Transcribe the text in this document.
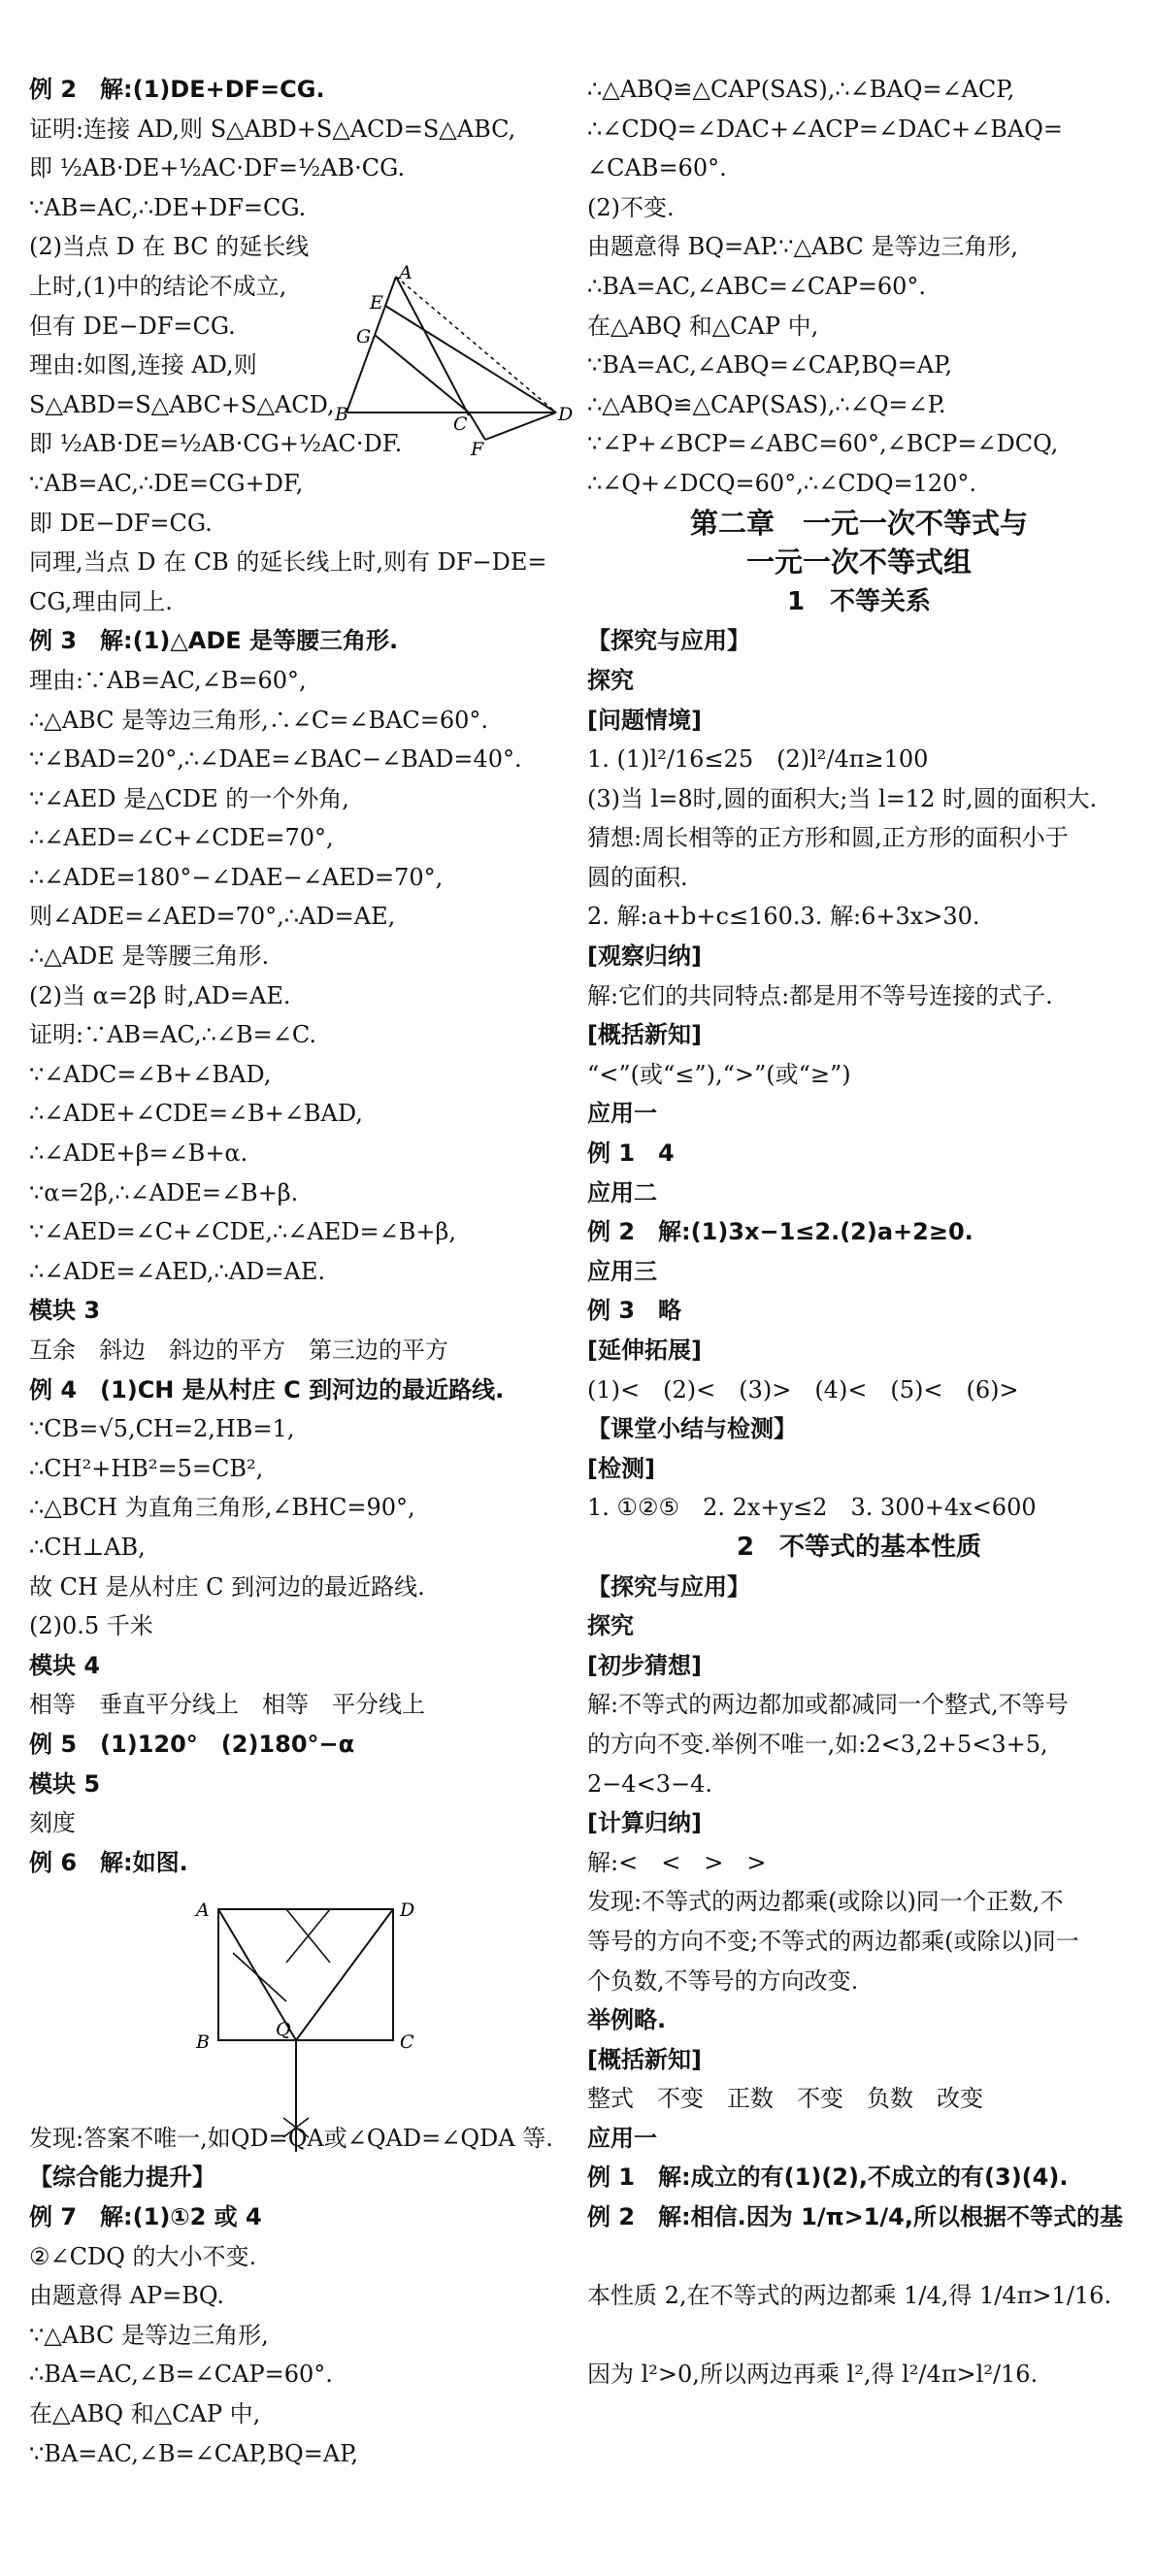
例 2　解:(1)DE+DF=CG.
证明:连接 AD,则 S△ABD+S△ACD=S△ABC,
即 ½AB·DE+½AC·DF=½AB·CG.
∵AB=AC,∴DE+DF=CG.
(2)当点 D 在 BC 的延长线
上时,(1)中的结论不成立,
但有 DE−DF=CG.
理由:如图,连接 AD,则
S△ABD=S△ABC+S△ACD,
即 ½AB·DE=½AB·CG+½AC·DF.
∵AB=AC,∴DE=CG+DF,
即 DE−DF=CG.
同理,当点 D 在 CB 的延长线上时,则有 DF−DE=
CG,理由同上.
例 3　解:(1)△ADE 是等腰三角形.
理由:∵AB=AC,∠B=60°,
∴△ABC 是等边三角形,∴∠C=∠BAC=60°.
∵∠BAD=20°,∴∠DAE=∠BAC−∠BAD=40°.
∵∠AED 是△CDE 的一个外角,
∴∠AED=∠C+∠CDE=70°,
∴∠ADE=180°−∠DAE−∠AED=70°,
则∠ADE=∠AED=70°,∴AD=AE,
∴△ADE 是等腰三角形.
(2)当 α=2β 时,AD=AE.
证明:∵AB=AC,∴∠B=∠C.
∵∠ADC=∠B+∠BAD,
∴∠ADE+∠CDE=∠B+∠BAD,
∴∠ADE+β=∠B+α.
∵α=2β,∴∠ADE=∠B+β.
∵∠AED=∠C+∠CDE,∴∠AED=∠B+β,
∴∠ADE=∠AED,∴AD=AE.
模块 3
互余　斜边　斜边的平方　第三边的平方
例 4　(1)CH 是从村庄 C 到河边的最近路线.
∵CB=√5,CH=2,HB=1,
∴CH²+HB²=5=CB²,
∴△BCH 为直角三角形,∠BHC=90°,
∴CH⊥AB,
故 CH 是从村庄 C 到河边的最近路线.
(2)0.5 千米
模块 4
相等　垂直平分线上　相等　平分线上
例 5　(1)120°　(2)180°−α
模块 5
刻度
例 6　解:如图.
发现:答案不唯一,如QD=QA或∠QAD=∠QDA 等.
【综合能力提升】
例 7　解:(1)①2 或 4
②∠CDQ 的大小不变.
由题意得 AP=BQ.
∵△ABC 是等边三角形,
∴BA=AC,∠B=∠CAP=60°.
在△ABQ 和△CAP 中,
∵BA=AC,∠B=∠CAP,BQ=AP,
∴△ABQ≌△CAP(SAS),∴∠BAQ=∠ACP,
∴∠CDQ=∠DAC+∠ACP=∠DAC+∠BAQ=
∠CAB=60°.
(2)不变.
由题意得 BQ=AP.∵△ABC 是等边三角形,
∴BA=AC,∠ABC=∠CAP=60°.
在△ABQ 和△CAP 中,
∵BA=AC,∠ABQ=∠CAP,BQ=AP,
∴△ABQ≌△CAP(SAS),∴∠Q=∠P.
∵∠P+∠BCP=∠ABC=60°,∠BCP=∠DCQ,
∴∠Q+∠DCQ=60°,∴∠CDQ=120°.
第二章　一元一次不等式与
一元一次不等式组
1　不等关系
【探究与应用】
探究
[问题情境]
1. (1)l²/16≤25　(2)l²/4π≥100
(3)当 l=8时,圆的面积大;当 l=12 时,圆的面积大.
猜想:周长相等的正方形和圆,正方形的面积小于
圆的面积.
2. 解:a+b+c≤160.3. 解:6+3x>30.
[观察归纳]
解:它们的共同特点:都是用不等号连接的式子.
[概括新知]
“<”(或“≤”),“>”(或“≥”)
应用一
例 1　4
应用二
例 2　解:(1)3x−1≤2.(2)a+2≥0.
应用三
例 3　略
[延伸拓展]
(1)<　(2)<　(3)>　(4)<　(5)<　(6)>
【课堂小结与检测】
[检测]
1. ①②⑤　2. 2x+y≤2　3. 300+4x<600
2　不等式的基本性质
【探究与应用】
探究
[初步猜想]
解:不等式的两边都加或都减同一个整式,不等号
的方向不变.举例不唯一,如:2<3,2+5<3+5,
2−4<3−4.
[计算归纳]
解:<　<　>　>
发现:不等式的两边都乘(或除以)同一个正数,不
等号的方向不变;不等式的两边都乘(或除以)同一
个负数,不等号的方向改变.
举例略.
[概括新知]
整式　不变　正数　不变　负数　改变
应用一
例 1　解:成立的有(1)(2),不成立的有(3)(4).
例 2　解:相信.因为 1/π>1/4,所以根据不等式的基
本性质 2,在不等式的两边都乘 1/4,得 1/4π>1/16.
因为 l²>0,所以两边再乘 l²,得 l²/4π>l²/16.
A
E
G
B	C
F
D
A	D
B	C
Q
